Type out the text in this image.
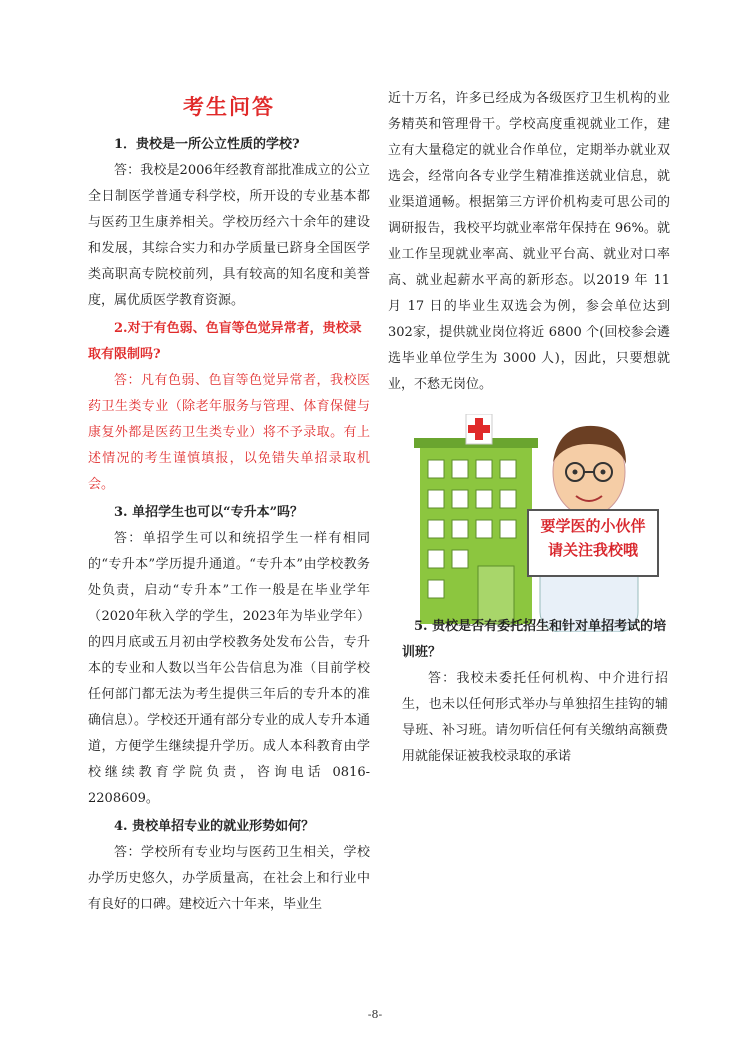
考生问答

1．贵校是一所公立性质的学校?

答：我校是2006年经教育部批准成立的公立全日制医学普通专科学校，所开设的专业基本都与医药卫生康养相关。学校历经六十余年的建设和发展，其综合实力和办学质量已跻身全国医学类高职高专院校前列，具有较高的知名度和美誉度，属优质医学教育资源。

2.对于有色弱、色盲等色觉异常者，贵校录取有限制吗?

答：凡有色弱、色盲等色觉异常者，我校医药卫生类专业（除老年服务与管理、体育保健与康复外都是医药卫生类专业）将不予录取。有上述情况的考生谨慎填报，以免错失单招录取机会。

3. 单招学生也可以“专升本”吗？

答：单招学生可以和统招学生一样有相同的“专升本”学历提升通道。“专升本”由学校教务处负责，启动“专升本”工作一般是在毕业学年（2020年秋入学的学生，2023年为毕业学年）的四月底或五月初由学校教务处发布公告，专升本的专业和人数以当年公告信息为准（目前学校任何部门都无法为考生提供三年后的专升本的准确信息）。学校还开通有部分专业的成人专升本通道，方便学生继续提升学历。成人本科教育由学校继续教育学院负责，咨询电话 0816-2208609。

4. 贵校单招专业的就业形势如何？

答：学校所有专业均与医药卫生相关，学校办学历史悠久，办学质量高，在社会上和行业中有良好的口碑。建校近六十年来，毕业生

近十万名，许多已经成为各级医疗卫生机构的业务精英和管理骨干。学校高度重视就业工作，建立有大量稳定的就业合作单位，定期举办就业双选会，经常向各专业学生精准推送就业信息，就业渠道通畅。根据第三方评价机构麦可思公司的调研报告，我校平均就业率常年保持在 96%。就业工作呈现就业率高、就业平台高、就业对口率高、就业起薪水平高的新形态。以2019 年 11 月 17 日的毕业生双选会为例，参会单位达到 302家，提供就业岗位将近 6800 个(回校参会遴选毕业单位学生为 3000 人)，因此，只要想就业，不愁无岗位。

要学医的小伙伴
请关注我校哦

5. 贵校是否有委托招生和针对单招考试的培训班？

答：我校未委托任何机构、中介进行招生，也未以任何形式举办与单独招生挂钩的辅导班、补习班。请勿听信任何有关缴纳高额费用就能保证被我校录取的承诺

-8-
